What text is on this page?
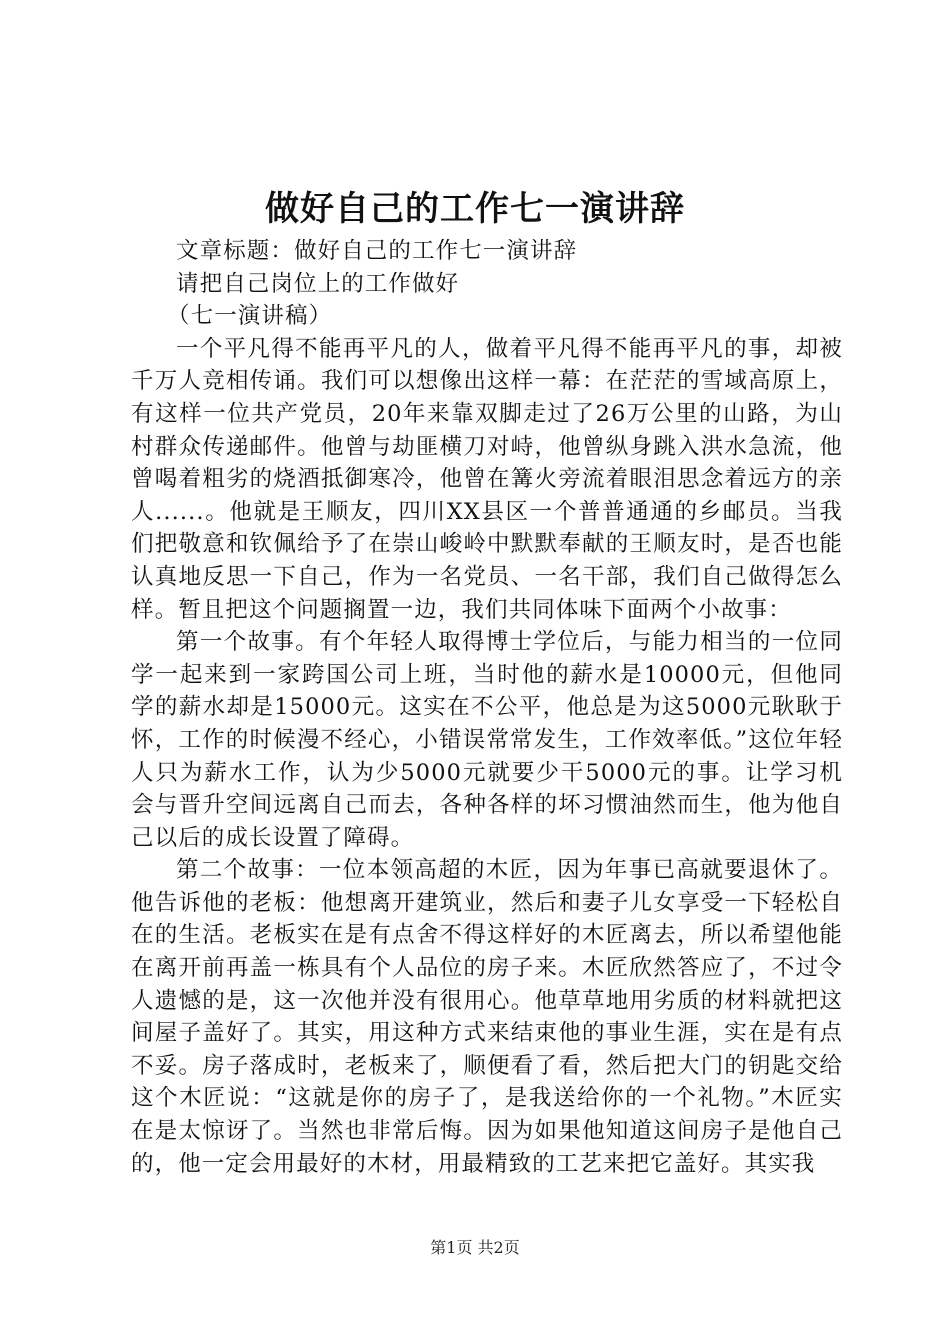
做好自己的工作七一演讲辞

文章标题：做好自己的工作七一演讲辞

请把自己岗位上的工作做好

（七一演讲稿）

一个平凡得不能再平凡的人，做着平凡得不能再平凡的事，却被千万人竞相传诵。我们可以想像出这样一幕：在茫茫的雪域高原上，有这样一位共产党员，20年来靠双脚走过了26万公里的山路，为山村群众传递邮件。他曾与劫匪横刀对峙，他曾纵身跳入洪水急流，他曾喝着粗劣的烧酒抵御寒冷，他曾在篝火旁流着眼泪思念着远方的亲人......。他就是王顺友，四川XX县区一个普普通通的乡邮员。当我们把敬意和钦佩给予了在崇山峻岭中默默奉献的王顺友时，是否也能认真地反思一下自己，作为一名党员、一名干部，我们自己做得怎么样。暂且把这个问题搁置一边，我们共同体味下面两个小故事：

第一个故事。有个年轻人取得博士学位后，与能力相当的一位同学一起来到一家跨国公司上班，当时他的薪水是10000元，但他同学的薪水却是15000元。这实在不公平，他总是为这5000元耿耿于怀，工作的时候漫不经心，小错误常常发生，工作效率低。”这位年轻人只为薪水工作，认为少5000元就要少干5000元的事。让学习机会与晋升空间远离自己而去，各种各样的坏习惯油然而生，他为他自己以后的成长设置了障碍。

第二个故事：一位本领高超的木匠，因为年事已高就要退休了。他告诉他的老板：他想离开建筑业，然后和妻子儿女享受一下轻松自在的生活。老板实在是有点舍不得这样好的木匠离去，所以希望他能在离开前再盖一栋具有个人品位的房子来。木匠欣然答应了，不过令人遗憾的是，这一次他并没有很用心。他草草地用劣质的材料就把这间屋子盖好了。其实，用这种方式来结束他的事业生涯，实在是有点不妥。房子落成时，老板来了，顺便看了看，然后把大门的钥匙交给这个木匠说：“这就是你的房子了，是我送给你的一个礼物。”木匠实在是太惊讶了。当然也非常后悔。因为如果他知道这间房子是他自己的，他一定会用最好的木材，用最精致的工艺来把它盖好。其实我

第1页 共2页
